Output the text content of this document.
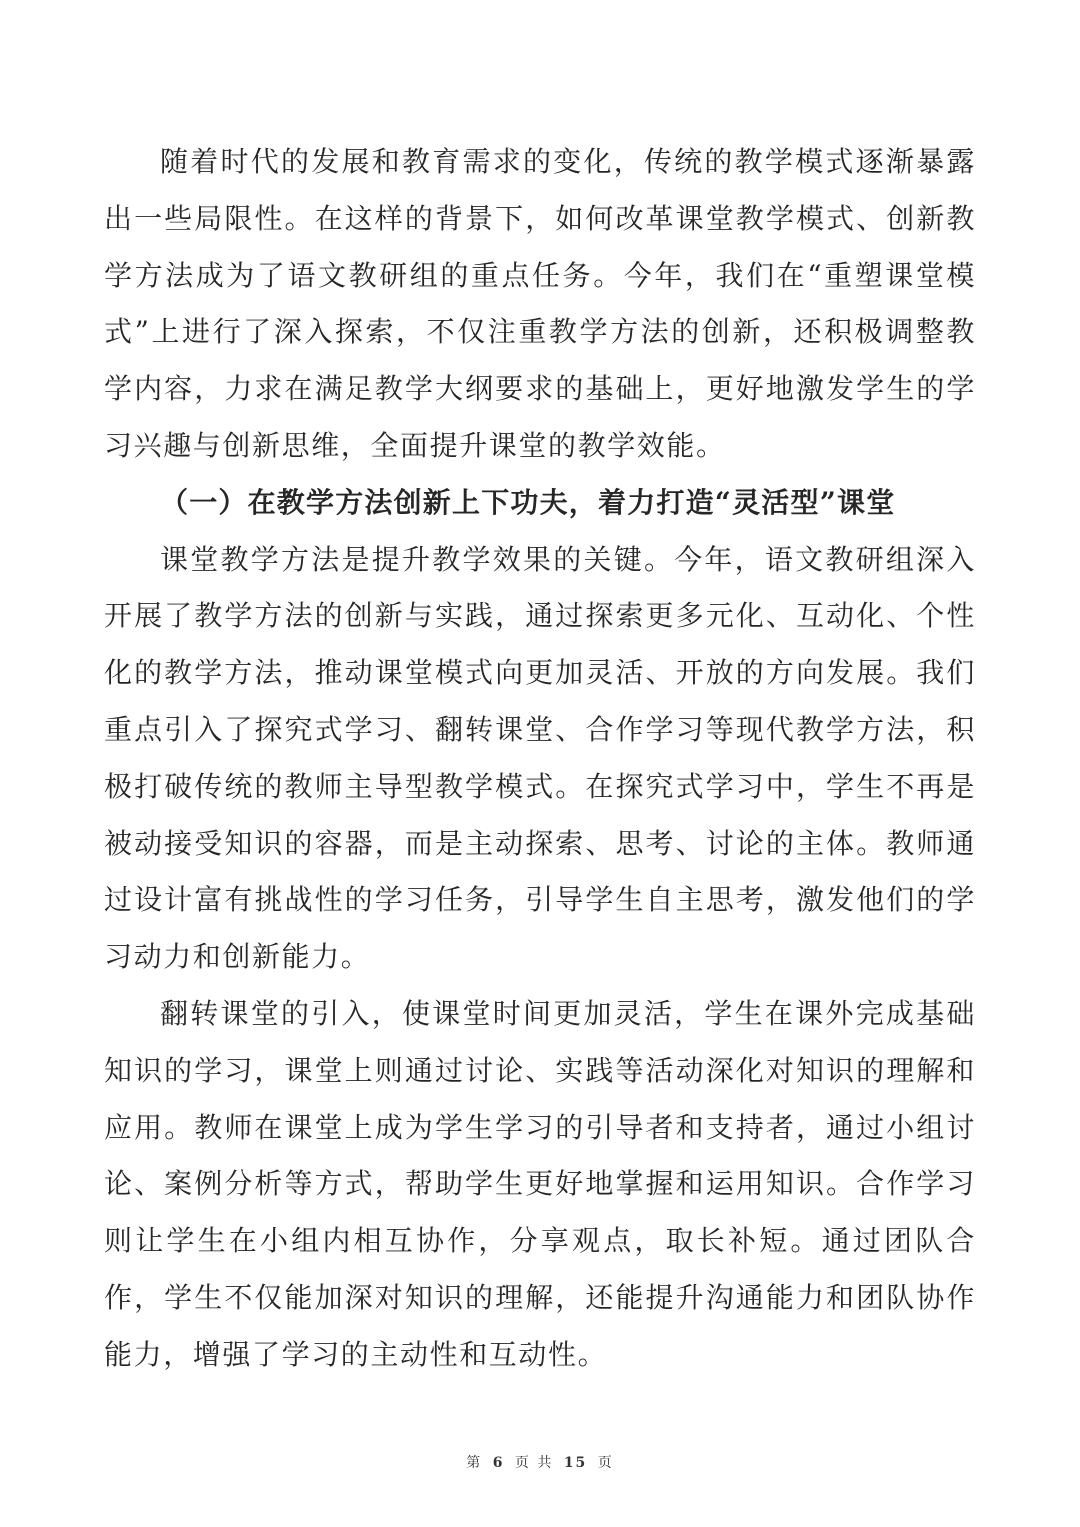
随着时代的发展和教育需求的变化，传统的教学模式逐渐暴露出一些局限性。在这样的背景下，如何改革课堂教学模式、创新教学方法成为了语文教研组的重点任务。今年，我们在“重塑课堂模式”上进行了深入探索，不仅注重教学方法的创新，还积极调整教学内容，力求在满足教学大纲要求的基础上，更好地激发学生的学习兴趣与创新思维，全面提升课堂的教学效能。

（一）在教学方法创新上下功夫，着力打造“灵活型”课堂

课堂教学方法是提升教学效果的关键。今年，语文教研组深入开展了教学方法的创新与实践，通过探索更多元化、互动化、个性化的教学方法，推动课堂模式向更加灵活、开放的方向发展。我们重点引入了探究式学习、翻转课堂、合作学习等现代教学方法，积极打破传统的教师主导型教学模式。在探究式学习中，学生不再是被动接受知识的容器，而是主动探索、思考、讨论的主体。教师通过设计富有挑战性的学习任务，引导学生自主思考，激发他们的学习动力和创新能力。

翻转课堂的引入，使课堂时间更加灵活，学生在课外完成基础知识的学习，课堂上则通过讨论、实践等活动深化对知识的理解和应用。教师在课堂上成为学生学习的引导者和支持者，通过小组讨论、案例分析等方式，帮助学生更好地掌握和运用知识。合作学习则让学生在小组内相互协作，分享观点，取长补短。通过团队合作，学生不仅能加深对知识的理解，还能提升沟通能力和团队协作能力，增强了学习的主动性和互动性。

第 6 页 共 15 页
